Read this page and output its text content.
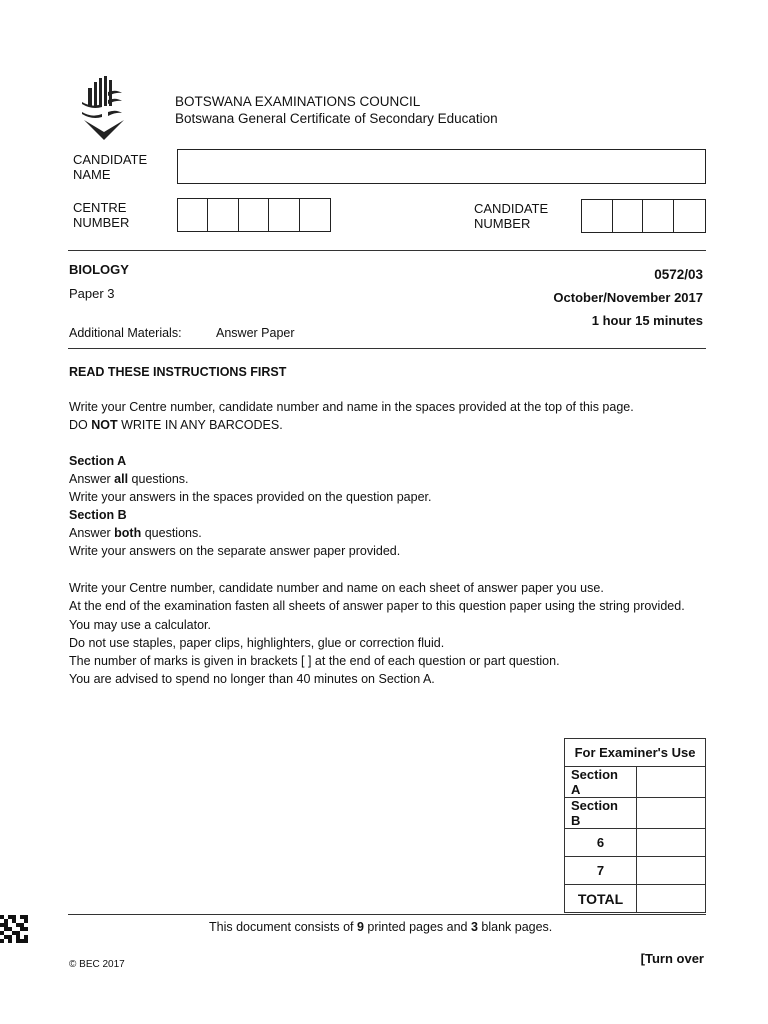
BOTSWANA EXAMINATIONS COUNCIL
Botswana General Certificate of Secondary Education
CANDIDATE
NAME
CENTRE
NUMBER
CANDIDATE
NUMBER
BIOLOGY
Paper 3
0572/03
October/November 2017
1 hour 15 minutes
Additional Materials:	Answer Paper
READ THESE INSTRUCTIONS FIRST

Write your Centre number, candidate number and name in the spaces provided at the top of this page.

DO NOT WRITE IN ANY BARCODES.

Section A

Answer all questions.

Write your answers in the spaces provided on the question paper.

Section B

Answer both questions.

Write your answers on the separate answer paper provided.

Write your Centre number, candidate number and name on each sheet of answer paper you use.

At the end of the examination fasten all sheets of answer paper to this question paper using the string provided.

You may use a calculator.

Do not use staples, paper clips, highlighters, glue or correction fluid.

The number of marks is given in brackets [ ] at the end of each question or part question.

You are advised to spend no longer than 40 minutes on Section A.

For Examiner's Use	
Section A	
Section B	
6	
7	
TOTAL	
This document consists of 9 printed pages and 3 blank pages.
© BEC 2017	[Turn over
